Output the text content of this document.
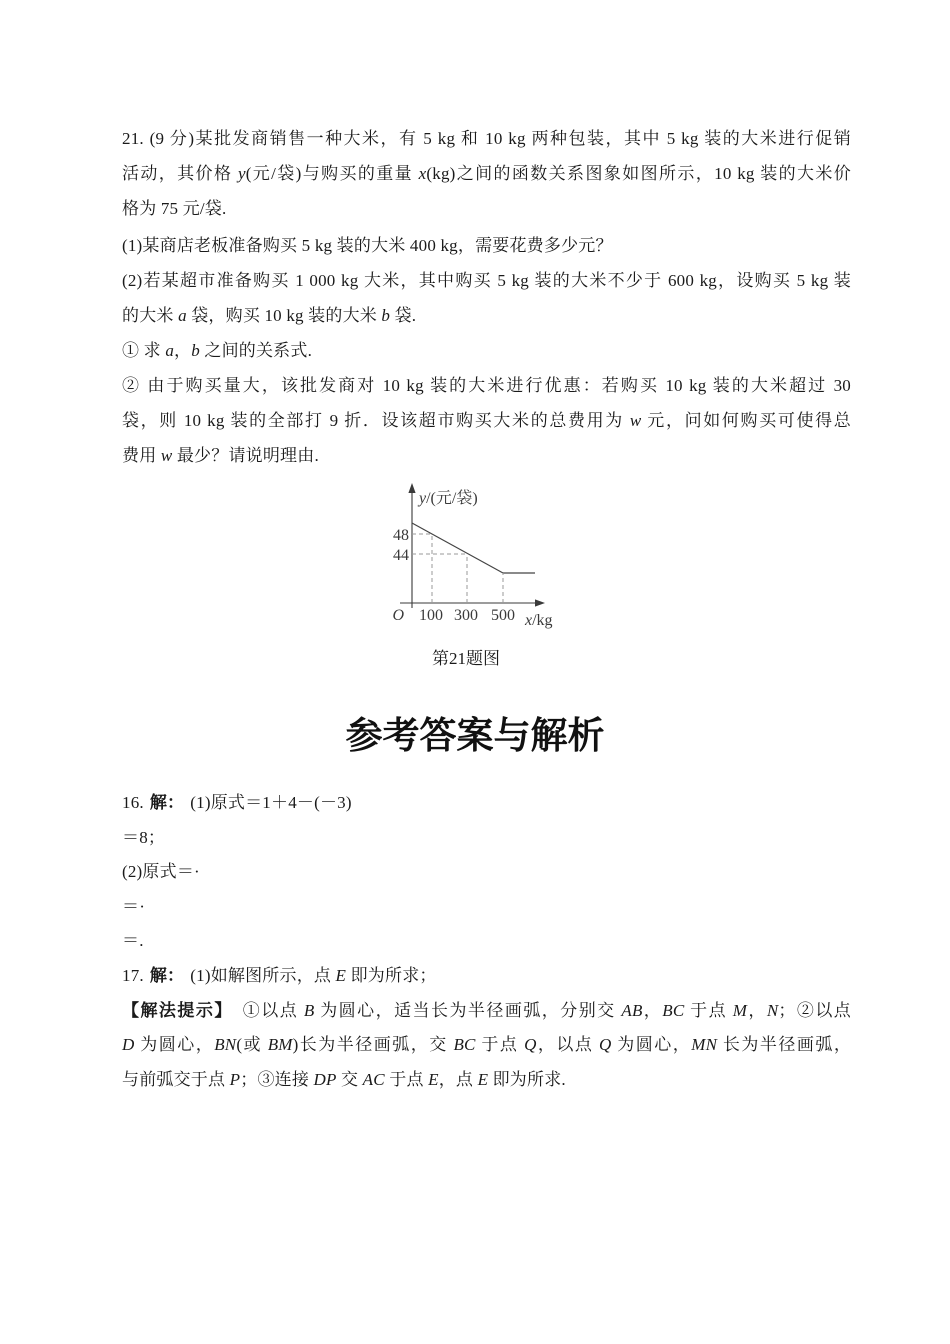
21. (9 分)某批发商销售一种大米，有 5 kg 和 10 kg 两种包装，其中 5 kg 装的大米进行促销
活动，其价格 y(元/袋)与购买的重量 x(kg)之间的函数关系图象如图所示，10 kg 装的大米价
格为 75 元/袋.
(1)某商店老板准备购买 5 kg 装的大米 400 kg，需要花费多少元？
(2)若某超市准备购买 1 000 kg 大米，其中购买 5 kg 装的大米不少于 600 kg，设购买 5 kg 装
的大米 a 袋，购买 10 kg 装的大米 b 袋.
① 求 a，b 之间的关系式.
② 由于购买量大，该批发商对 10 kg 装的大米进行优惠：若购买 10 kg 装的大米超过 30
袋，则 10 kg 装的全部打 9 折．设该超市购买大米的总费用为 w 元，问如何购买可使得总
费用 w 最少？请说明理由.
y/(元/袋)
48
44
O 100 300 500 x/kg
第21题图
参考答案与解析
16. 解： (1)原式＝1＋4－(－3)
＝8；
(2)原式＝·
＝·
＝.
17. 解： (1)如解图所示，点 E 即为所求；
【解法提示】 ①以点 B 为圆心，适当长为半径画弧，分别交 AB，BC 于点 M，N；②以点
D 为圆心，BN(或 BM)长为半径画弧，交 BC 于点 Q，以点 Q 为圆心，MN 长为半径画弧，
与前弧交于点 P；③连接 DP 交 AC 于点 E，点 E 即为所求.
